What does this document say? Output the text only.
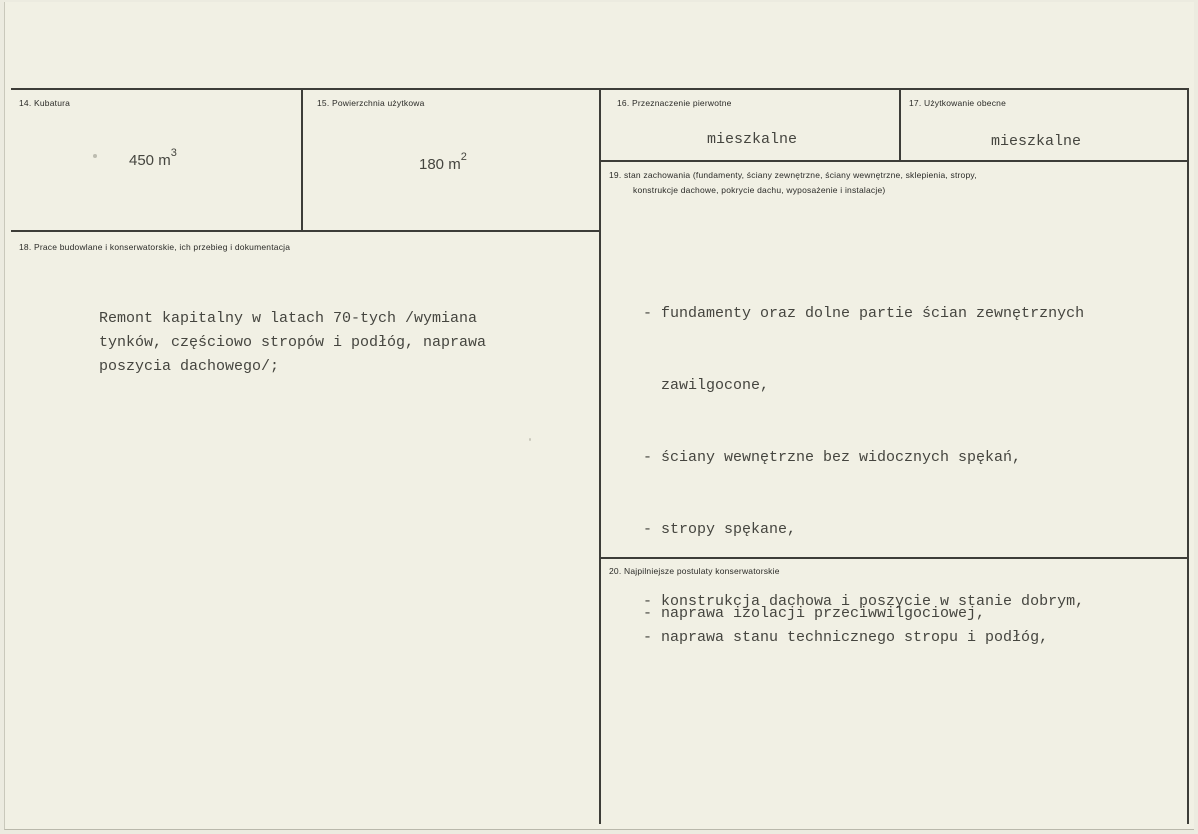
14. Kubatura
450 $m^3$
15. Powierzchnia użytkowa
180 $m^2$
16. Przeznaczenie pierwotne
mieszkalne
17. Użytkowanie obecne
mieszkalne
18. Prace budowlane i konserwatorskie, ich przebieg i dokumentacja
Remont kapitalny w latach 70-tych /wymiana
tynków, częściowo stropów i podłóg, naprawa
poszycia dachowego/;
19. stan zachowania (fundamenty, ściany zewnętrzne, ściany wewnętrzne, sklepienia, stropy,
konstrukcje dachowe, pokrycie dachu, wyposażenie i instalacje)

- fundamenty oraz dolne partie ścian zewnętrznych

zawilgocone,

- ściany wewnętrzne bez widocznych spękań,

- stropy spękane,

- konstrukcja dachowa i poszycie w stanie dobrym,

20. Najpilniejsze postulaty konserwatorskie
- naprawa izolacji przeciwwilgociowej,
- naprawa stanu technicznego stropu i podłóg,
